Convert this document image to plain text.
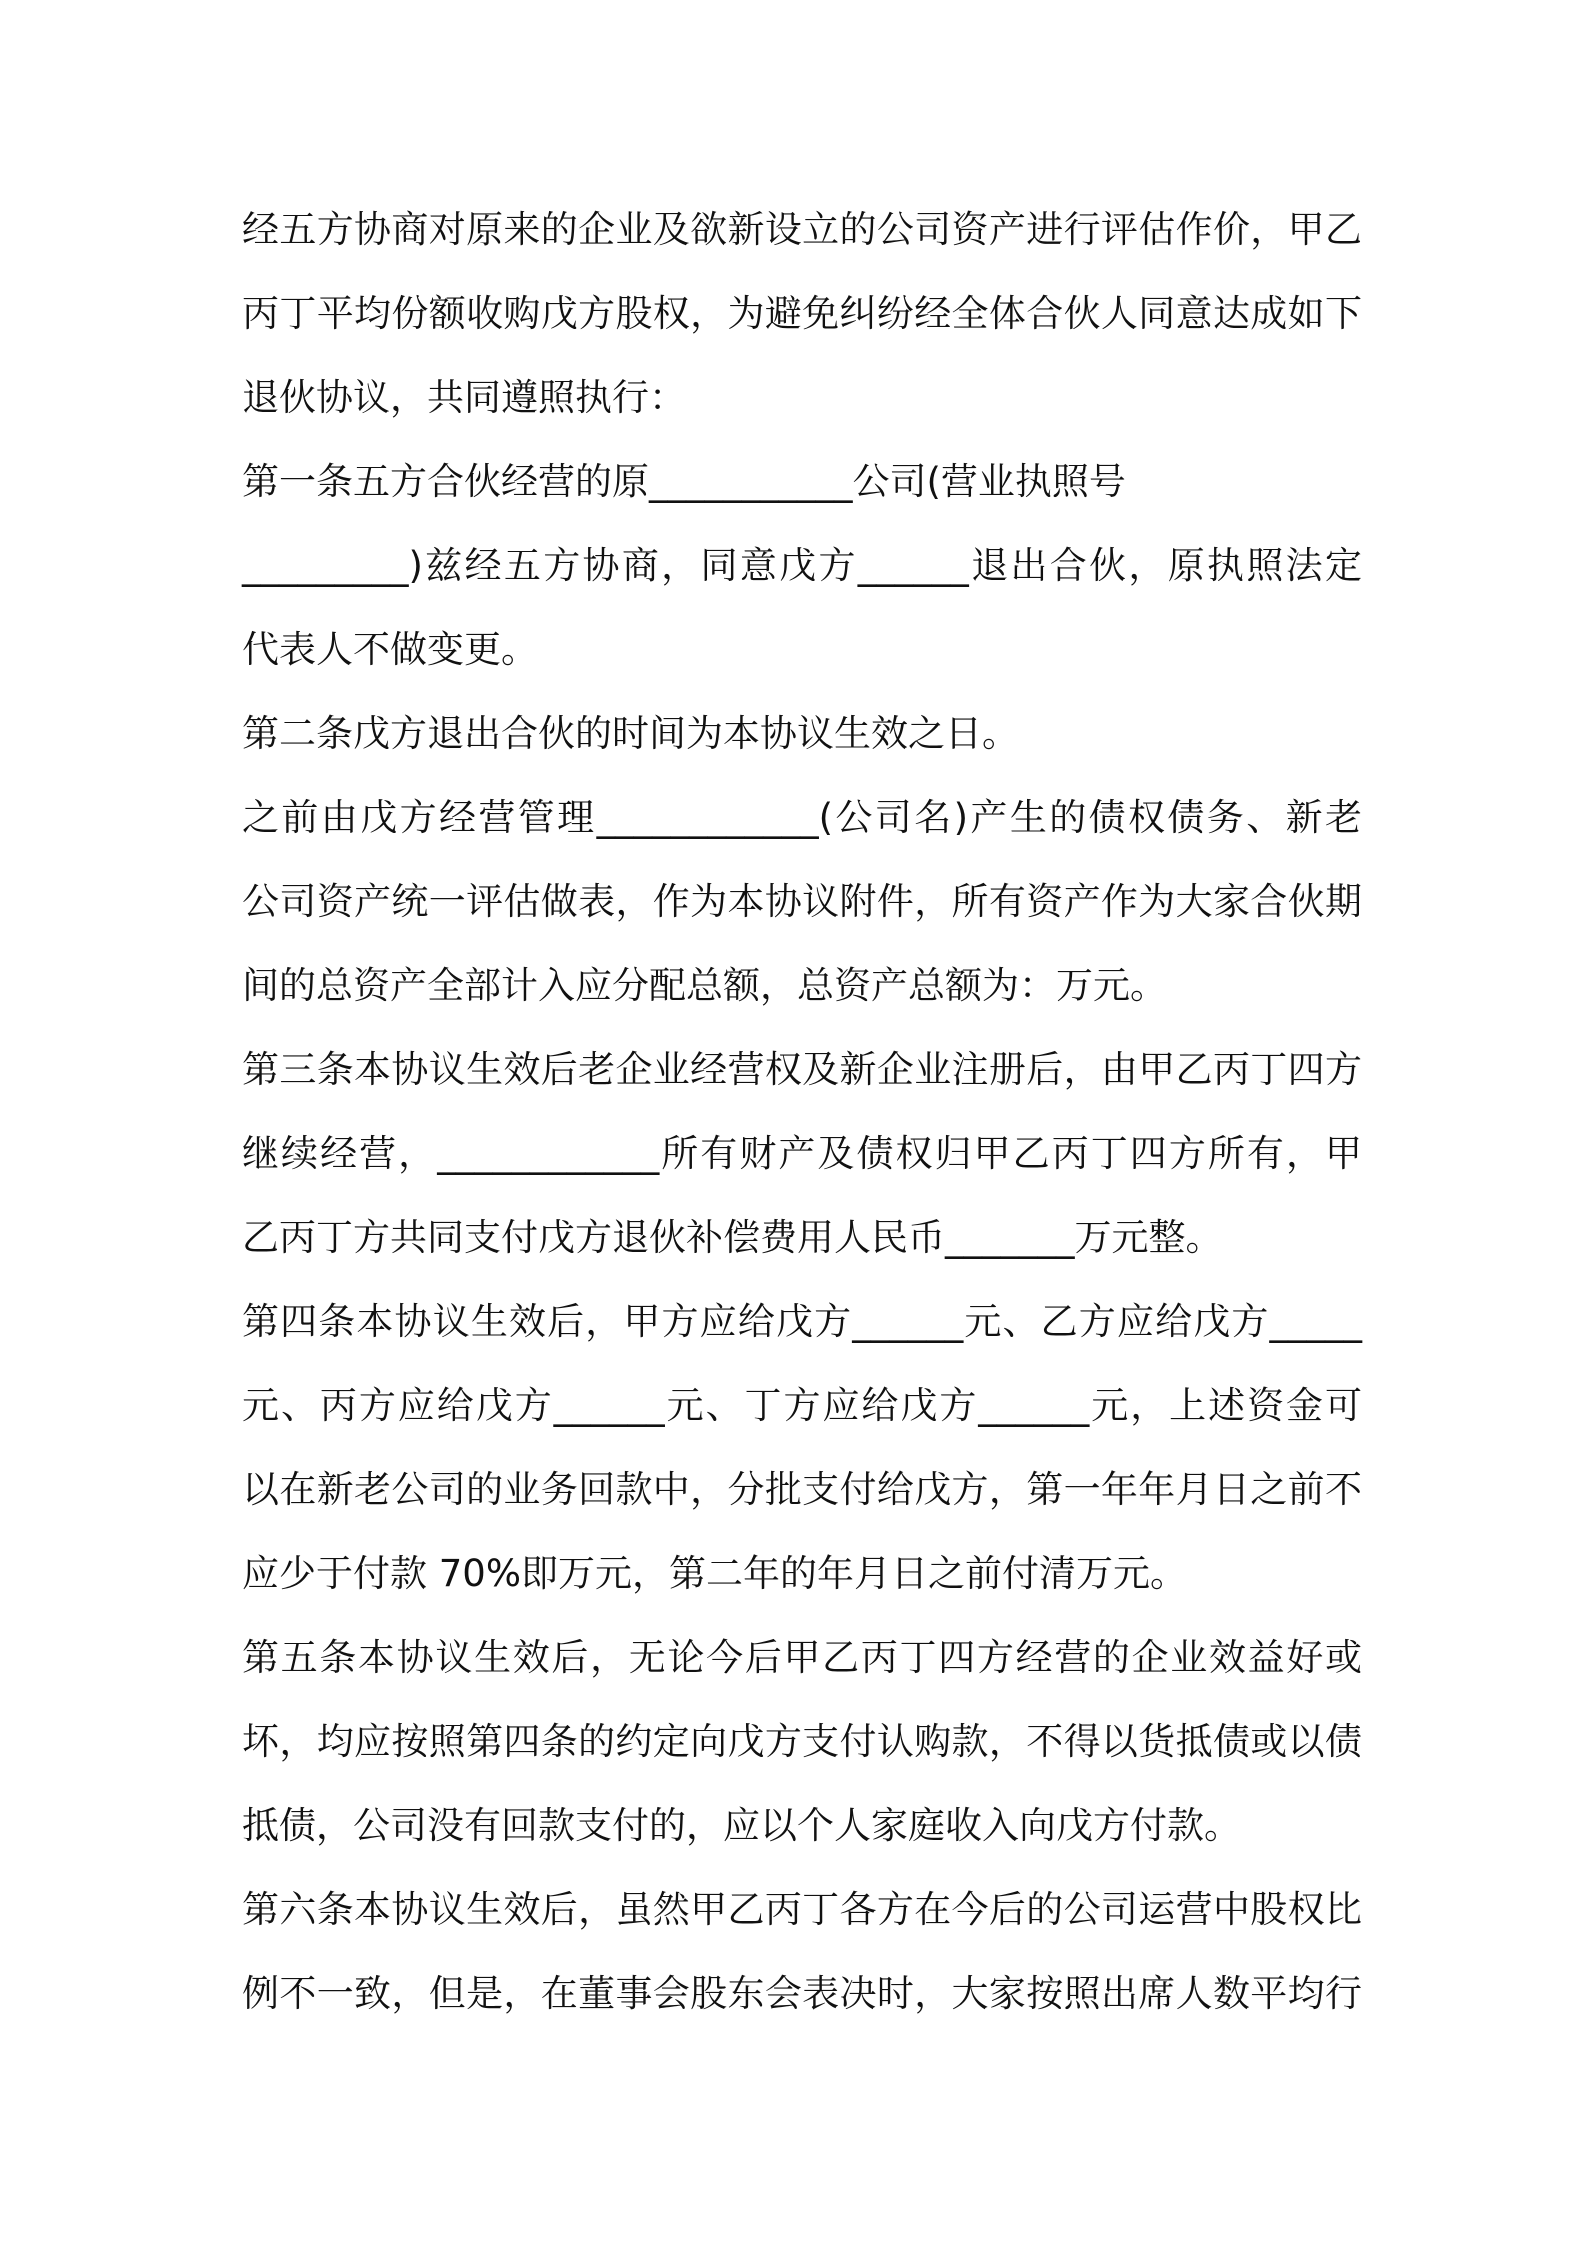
经五方协商对原来的企业及欲新设立的公司资产进行评估作价，甲乙
丙丁平均份额收购戊方股权，为避免纠纷经全体合伙人同意达成如下
退伙协议，共同遵照执行：
第一条五方合伙经营的原___________公司(营业执照号
_________)兹经五方协商，同意戊方______退出合伙，原执照法定
代表人不做变更。
第二条戊方退出合伙的时间为本协议生效之日。
之前由戊方经营管理____________(公司名)产生的债权债务、新老
公司资产统一评估做表，作为本协议附件，所有资产作为大家合伙期
间的总资产全部计入应分配总额，总资产总额为：万元。
第三条本协议生效后老企业经营权及新企业注册后，由甲乙丙丁四方
继续经营，____________所有财产及债权归甲乙丙丁四方所有，甲
乙丙丁方共同支付戊方退伙补偿费用人民币_______万元整。
第四条本协议生效后，甲方应给戊方______元、乙方应给戊方_____
元、丙方应给戊方______元、丁方应给戊方______元，上述资金可
以在新老公司的业务回款中，分批支付给戊方，第一年年月日之前不
应少于付款 70%即万元，第二年的年月日之前付清万元。
第五条本协议生效后，无论今后甲乙丙丁四方经营的企业效益好或
坏，均应按照第四条的约定向戊方支付认购款，不得以货抵债或以债
抵债，公司没有回款支付的，应以个人家庭收入向戊方付款。
第六条本协议生效后，虽然甲乙丙丁各方在今后的公司运营中股权比
例不一致，但是，在董事会股东会表决时，大家按照出席人数平均行
